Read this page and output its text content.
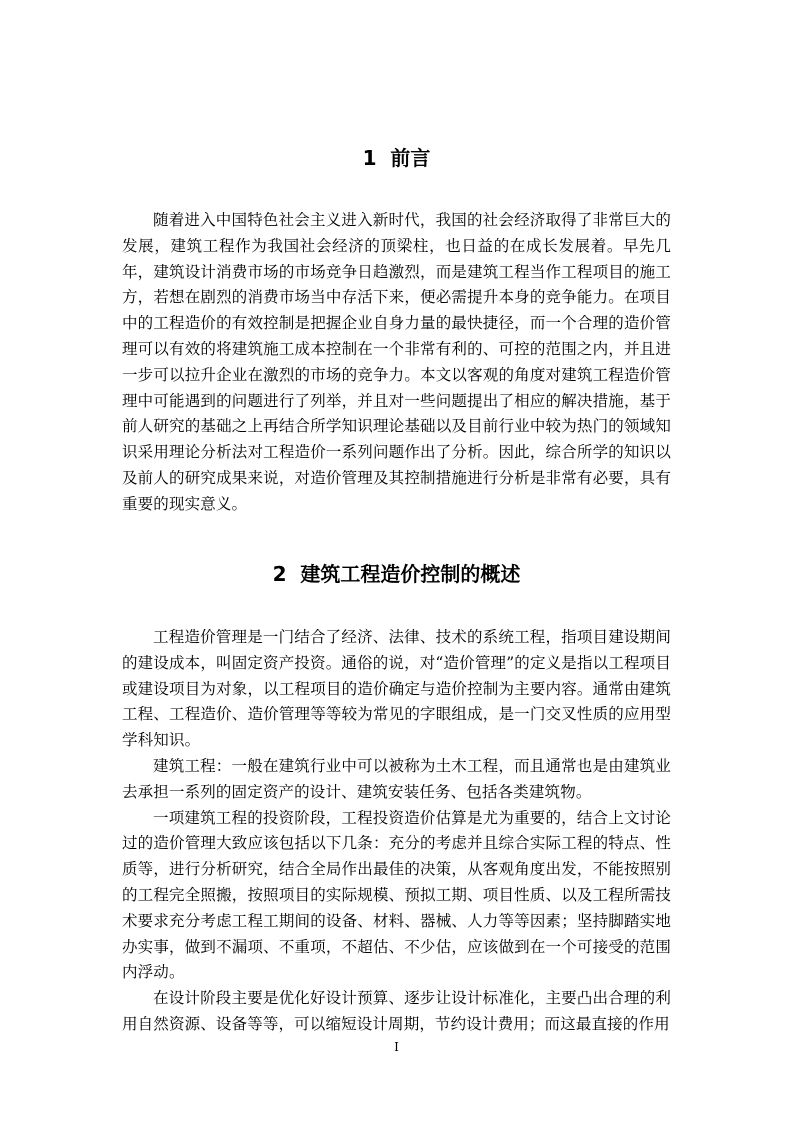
1  前言

随着进入中国特色社会主义进入新时代，我国的社会经济取得了非常巨大的发展，建筑工程作为我国社会经济的顶梁柱，也日益的在成长发展着。早先几年，建筑设计消费市场的市场竞争日趋激烈，而是建筑工程当作工程项目的施工方，若想在剧烈的消费市场当中存活下来，便必需提升本身的竞争能力。在项目中的工程造价的有效控制是把握企业自身力量的最快捷径，而一个合理的造价管理可以有效的将建筑施工成本控制在一个非常有利的、可控的范围之内，并且进一步可以拉升企业在激烈的市场的竞争力。本文以客观的角度对建筑工程造价管理中可能遇到的问题进行了列举，并且对一些问题提出了相应的解决措施，基于前人研究的基础之上再结合所学知识理论基础以及目前行业中较为热门的领域知识采用理论分析法对工程造价一系列问题作出了分析。因此，综合所学的知识以及前人的研究成果来说，对造价管理及其控制措施进行分析是非常有必要，具有重要的现实意义。

2  建筑工程造价控制的概述

工程造价管理是一门结合了经济、法律、技术的系统工程，指项目建设期间的建设成本，叫固定资产投资。通俗的说，对“造价管理”的定义是指以工程项目或建设项目为对象，以工程项目的造价确定与造价控制为主要内容。通常由建筑工程、工程造价、造价管理等等较为常见的字眼组成，是一门交叉性质的应用型学科知识。

建筑工程：一般在建筑行业中可以被称为土木工程，而且通常也是由建筑业去承担一系列的固定资产的设计、建筑安装任务、包括各类建筑物。

一项建筑工程的投资阶段，工程投资造价估算是尤为重要的，结合上文讨论过的造价管理大致应该包括以下几条：充分的考虑并且综合实际工程的特点、性质等，进行分析研究，结合全局作出最佳的决策，从客观角度出发，不能按照别的工程完全照搬，按照项目的实际规模、预拟工期、项目性质、以及工程所需技术要求充分考虑工程工期间的设备、材料、器械、人力等等因素；坚持脚踏实地办实事，做到不漏项、不重项，不超估、不少估，应该做到在一个可接受的范围内浮动。

在设计阶段主要是优化好设计预算、逐步让设计标准化，主要凸出合理的利用自然资源、设备等等，可以缩短设计周期，节约设计费用；而这最直接的作用

I
